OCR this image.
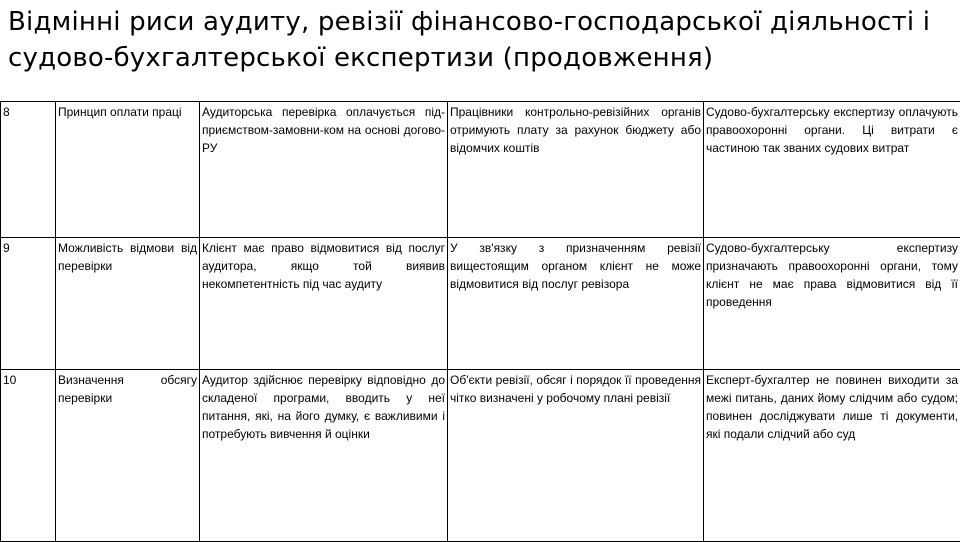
Відмінні риси аудиту, ревізії фінансово-господарської діяльності і судово-бухгалтерської експертизи (продовження)
8	Принцип оплати праці	Аудиторська перевірка оплачується під-приємством-замовни-ком на основі догово-РУ	Працівники контрольно-ревізійних органів отримують плату за рахунок бюджету або відомчих коштів	Судово-бухгалтерську експертизу оплачують правоохоронні органи. Ці витрати є частиною так званих судових витрат
9	Можливість відмови від перевірки	Клієнт має право відмовитися від послуг аудитора, якщо той виявив некомпетентність під час аудиту	У зв'язку з призначенням ревізії вищестоящим органом клієнт не може відмовитися від послуг ревізора	Судово-бухгалтерську експертизу призначають правоохоронні органи, тому клієнт не має права відмовитися від її проведення
10	Визначення обсягу перевірки	Аудитор здійснює перевірку відповідно до складеної програми, вводить у неї питання, які, на його думку, є важливими і потребують вивчення й оцінки	Об'єкти ревізії, обсяг і порядок її проведення чітко визначені у робочому плані ревізії	Експерт-бухгалтер не повинен виходити за межі питань, даних йому слідчим або судом; повинен досліджувати лише ті документи, які подали слідчий або суд
